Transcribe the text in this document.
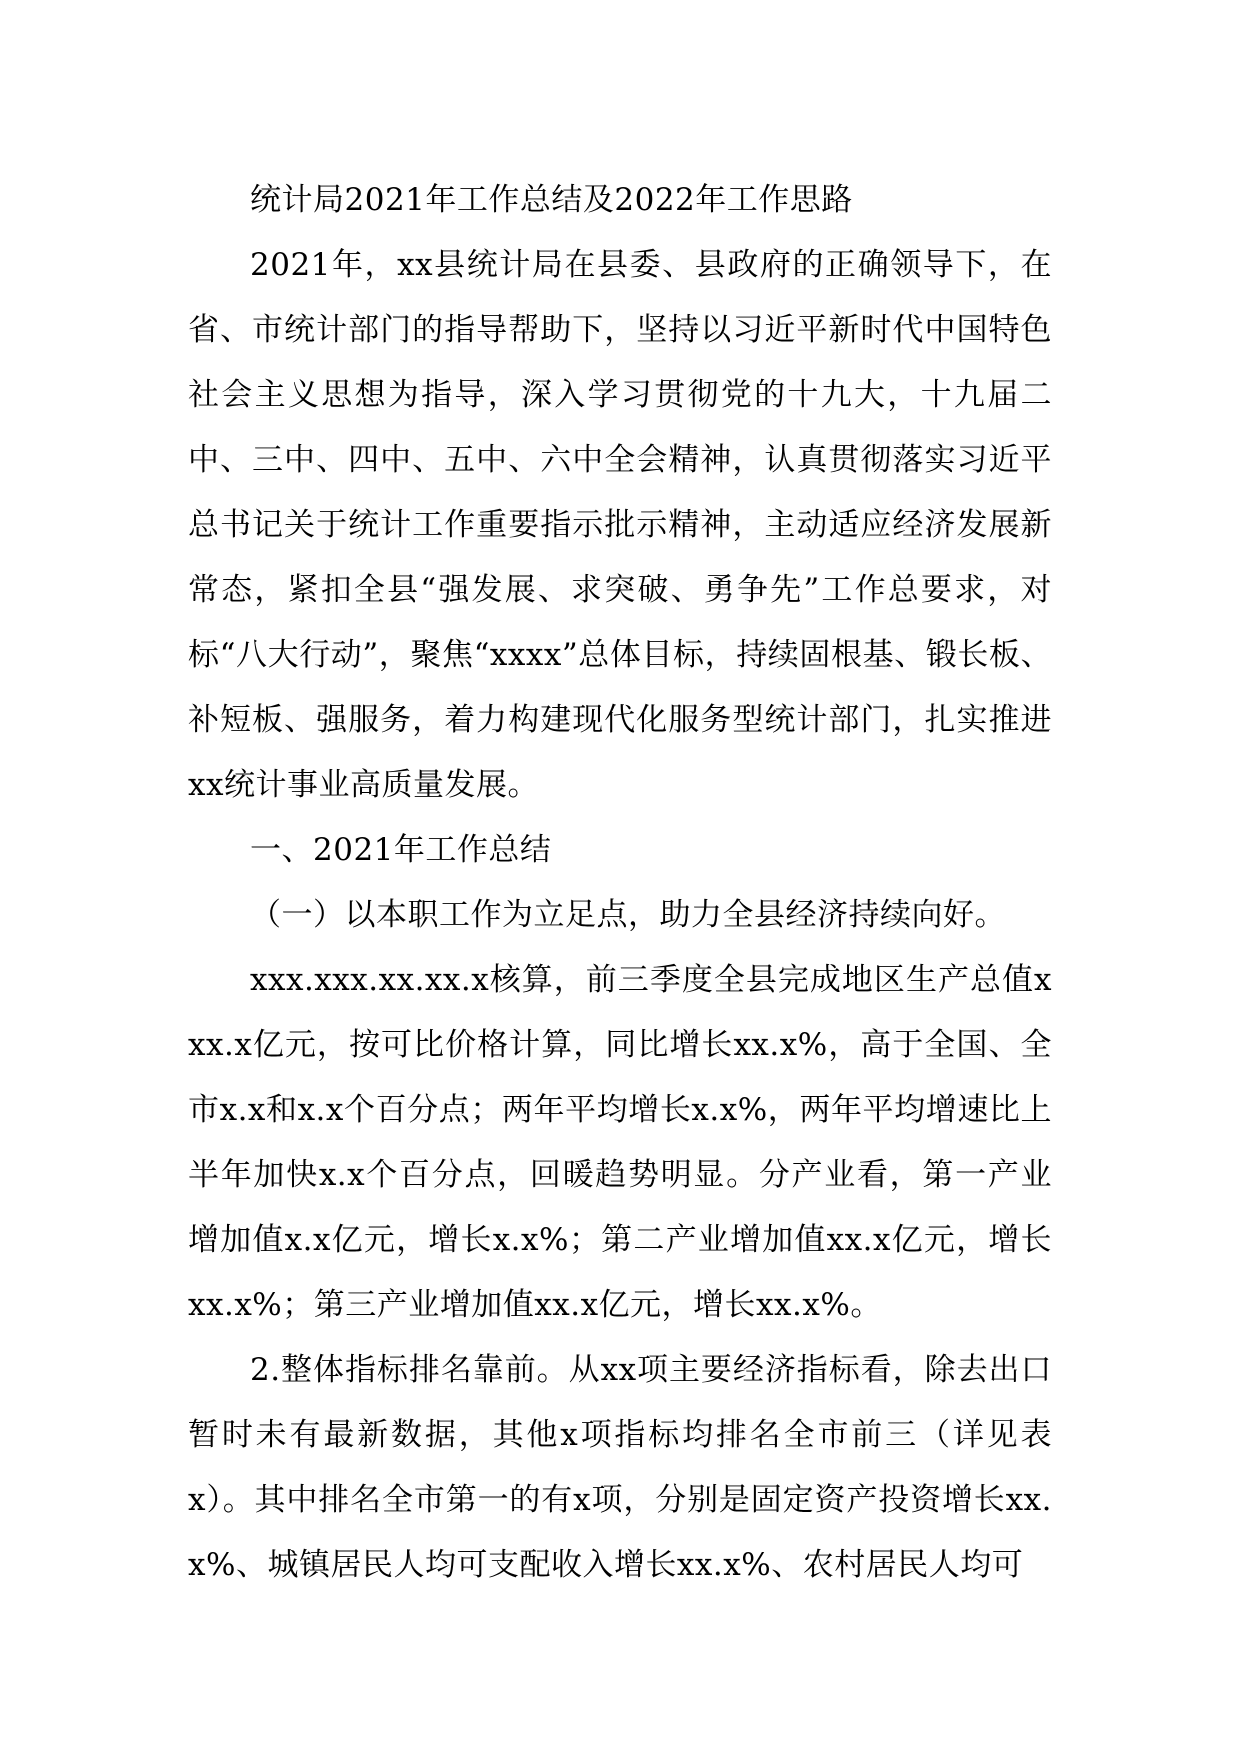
统计局2021年工作总结及2022年工作思路

2021年，xx县统计局在县委、县政府的正确领导下，在省、市统计部门的指导帮助下，坚持以习近平新时代中国特色社会主义思想为指导，深入学习贯彻党的十九大，十九届二中、三中、四中、五中、六中全会精神，认真贯彻落实习近平总书记关于统计工作重要指示批示精神，主动适应经济发展新常态，紧扣全县“强发展、求突破、勇争先”工作总要求，对标“八大行动”，聚焦“xxxx”总体目标，持续固根基、锻长板、补短板、强服务，着力构建现代化服务型统计部门，扎实推进xx统计事业高质量发展。

一、2021年工作总结

（一）以本职工作为立足点，助力全县经济持续向好。

xxx.xxx.xx.xx.x核算，前三季度全县完成地区生产总值xxx.x亿元，按可比价格计算，同比增长xx.x%，高于全国、全市x.x和x.x个百分点；两年平均增长x.x%，两年平均增速比上半年加快x.x个百分点，回暖趋势明显。分产业看，第一产业增加值x.x亿元，增长x.x%；第二产业增加值xx.x亿元，增长xx.x%；第三产业增加值xx.x亿元，增长xx.x%。

2.整体指标排名靠前。从xx项主要经济指标看，除去出口暂时未有最新数据，其他x项指标均排名全市前三（详见表x）。其中排名全市第一的有x项，分别是固定资产投资增长xx.x%、城镇居民人均可支配收入增长xx.x%、农村居民人均可
